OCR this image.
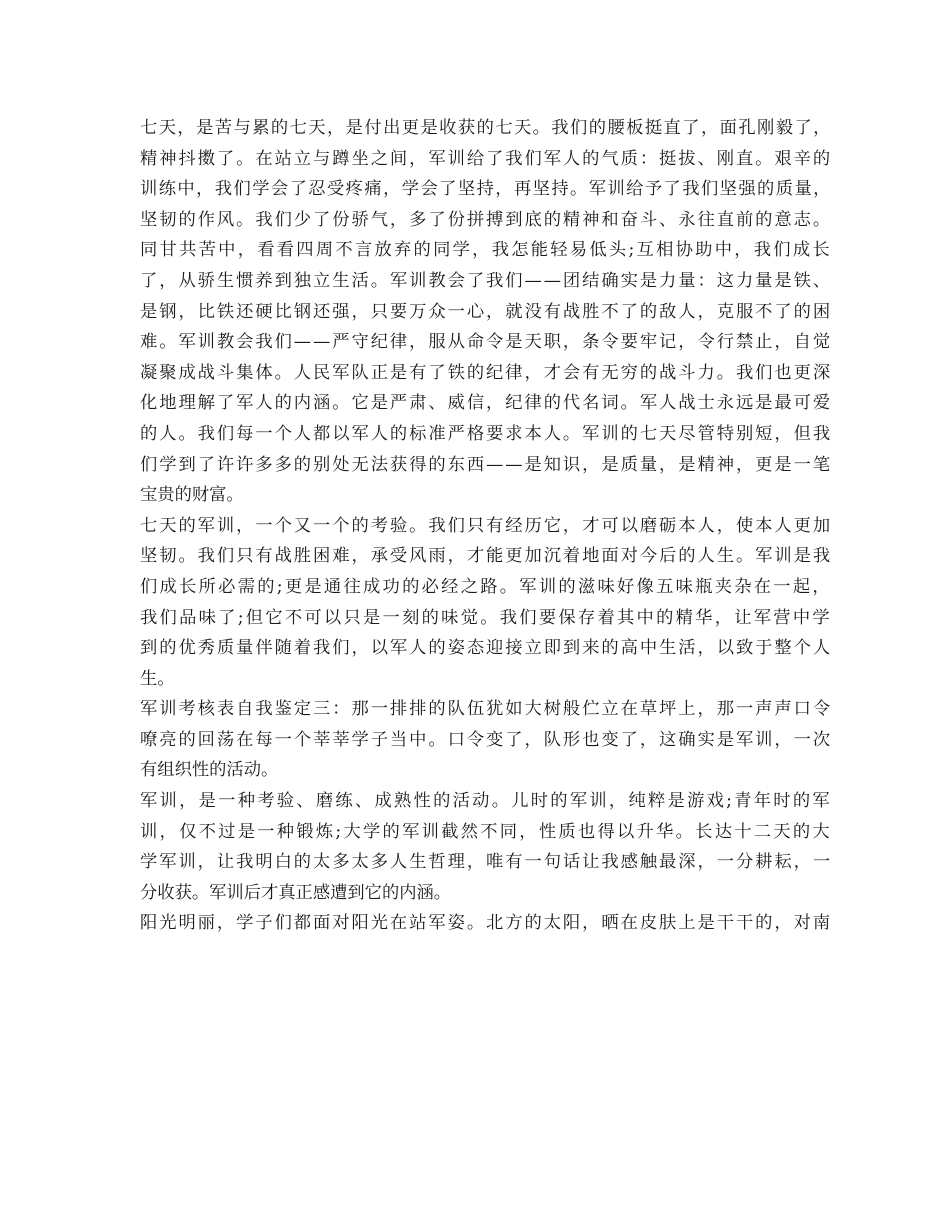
七天，是苦与累的七天，是付出更是收获的七天。我们的腰板挺直了，面孔刚毅了，
精神抖擞了。在站立与蹲坐之间，军训给了我们军人的气质：挺拔、刚直。艰辛的
训练中，我们学会了忍受疼痛，学会了坚持，再坚持。军训给予了我们坚强的质量，
坚韧的作风。我们少了份骄气，多了份拼搏到底的精神和奋斗、永往直前的意志。
同甘共苦中，看看四周不言放弃的同学，我怎能轻易低头;互相协助中，我们成长
了，从骄生惯养到独立生活。军训教会了我们——团结确实是力量：这力量是铁、
是钢，比铁还硬比钢还强，只要万众一心，就没有战胜不了的敌人，克服不了的困
难。军训教会我们——严守纪律，服从命令是天职，条令要牢记，令行禁止，自觉
凝聚成战斗集体。人民军队正是有了铁的纪律，才会有无穷的战斗力。我们也更深
化地理解了军人的内涵。它是严肃、威信，纪律的代名词。军人战士永远是最可爱
的人。我们每一个人都以军人的标准严格要求本人。军训的七天尽管特别短，但我
们学到了许许多多的别处无法获得的东西——是知识，是质量，是精神，更是一笔
宝贵的财富。
七天的军训，一个又一个的考验。我们只有经历它，才可以磨砺本人，使本人更加
坚韧。我们只有战胜困难，承受风雨，才能更加沉着地面对今后的人生。军训是我
们成长所必需的;更是通往成功的必经之路。军训的滋味好像五味瓶夹杂在一起，
我们品味了;但它不可以只是一刻的味觉。我们要保存着其中的精华，让军营中学
到的优秀质量伴随着我们，以军人的姿态迎接立即到来的高中生活，以致于整个人
生。
军训考核表自我鉴定三：那一排排的队伍犹如大树般伫立在草坪上，那一声声口令
嘹亮的回荡在每一个莘莘学子当中。口令变了，队形也变了，这确实是军训，一次
有组织性的活动。
军训，是一种考验、磨练、成熟性的活动。儿时的军训，纯粹是游戏;青年时的军
训，仅不过是一种锻炼;大学的军训截然不同，性质也得以升华。长达十二天的大
学军训，让我明白的太多太多人生哲理，唯有一句话让我感触最深，一分耕耘，一
分收获。军训后才真正感遭到它的内涵。
阳光明丽，学子们都面对阳光在站军姿。北方的太阳，晒在皮肤上是干干的，对南
